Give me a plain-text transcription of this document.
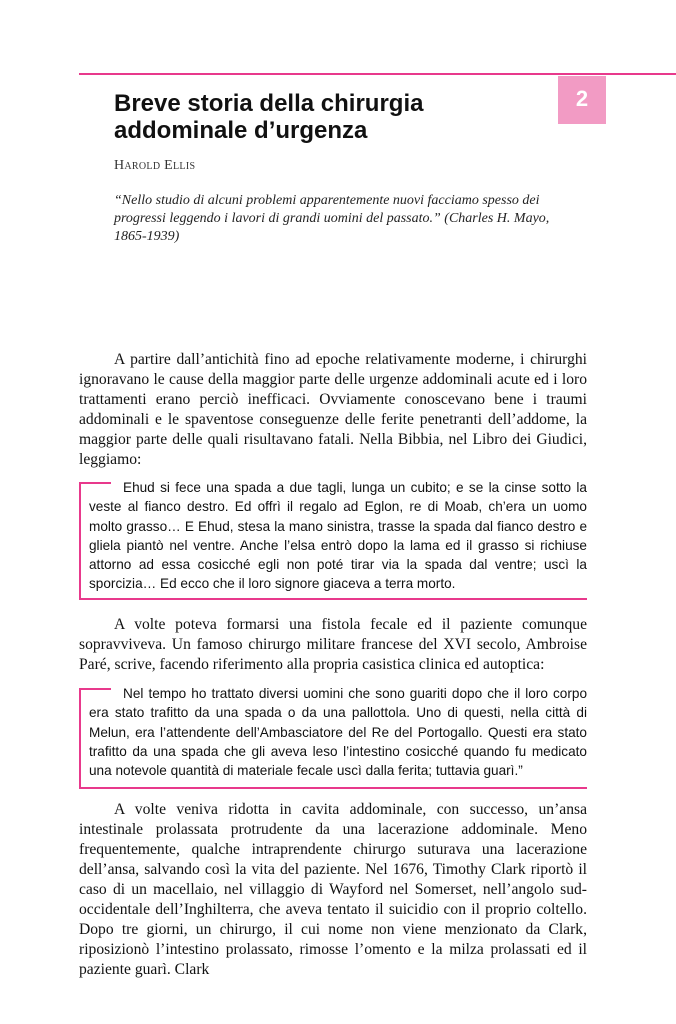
2
Breve storia della chirurgia addominale d’urgenza
Harold Ellis

“Nello studio di alcuni problemi apparentemente nuovi facciamo spesso dei progressi leggendo i lavori di grandi uomini del passato.” (Charles H. Mayo, 1865-1939)

A partire dall’antichità fino ad epoche relativamente moderne, i chirurghi ignoravano le cause della maggior parte delle urgenze addominali acute ed i loro trattamenti erano perciò inefficaci. Ovviamente conoscevano bene i traumi addominali e le spaventose conseguenze delle ferite penetranti dell’addome, la maggior parte delle quali risultavano fatali. Nella Bibbia, nel Libro dei Giudici, leggiamo:

Ehud si fece una spada a due tagli, lunga un cubito; e se la cinse sotto la veste al fianco destro. Ed offrì il regalo ad Eglon, re di Moab, ch’era un uomo molto grasso… E Ehud, stesa la mano sinistra, trasse la spada dal fianco destro e gliela piantò nel ventre. Anche l’elsa entrò dopo la lama ed il grasso si richiuse attorno ad essa cosicché egli non poté tirar via la spada dal ventre; uscì la sporcizia… Ed ecco che il loro signore giaceva a terra morto.

A volte poteva formarsi una fistola fecale ed il paziente comunque sopravviveva. Un famoso chirurgo militare francese del XVI secolo, Ambroise Paré, scrive, facendo riferimento alla propria casistica clinica ed autoptica:

Nel tempo ho trattato diversi uomini che sono guariti dopo che il loro corpo era stato trafitto da una spada o da una pallottola. Uno di questi, nella città di Melun, era l’attendente dell’Ambasciatore del Re del Portogallo. Questi era stato trafitto da una spada che gli aveva leso l’intestino cosicché quando fu medicato una notevole quantità di materiale fecale uscì dalla ferita; tuttavia guarì.”

A volte veniva ridotta in cavita addominale, con successo, un’ansa intestinale prolassata protrudente da una lacerazione addominale. Meno frequentemente, qualche intraprendente chirurgo suturava una lacerazione dell’ansa, salvando così la vita del paziente. Nel 1676, Timothy Clark riportò il caso di un macellaio, nel villaggio di Wayford nel Somerset, nell’angolo sud-occidentale dell’Inghilterra, che aveva tentato il suicidio con il proprio coltello. Dopo tre giorni, un chirurgo, il cui nome non viene menzionato da Clark, riposizionò l’intestino prolassato, rimosse l’omento e la milza prolassati ed il paziente guarì. Clark
